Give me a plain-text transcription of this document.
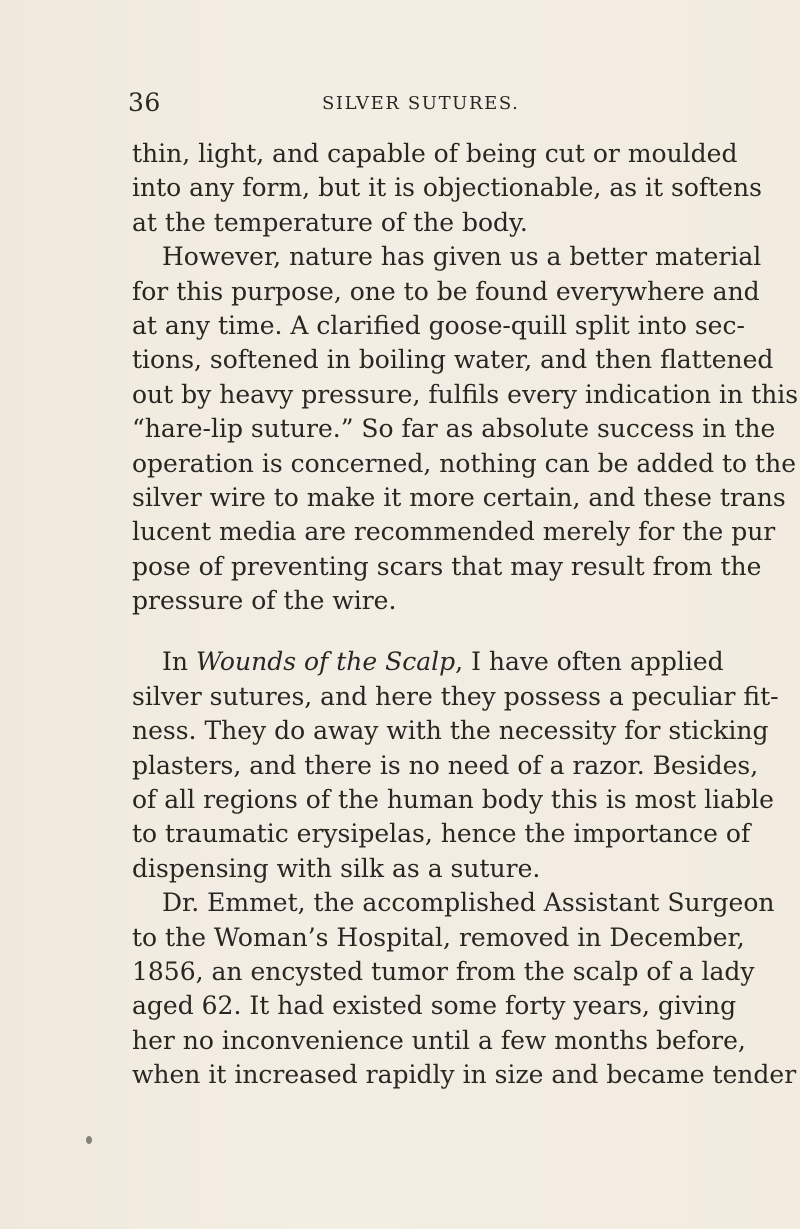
36	SILVER SUTURES.
thin, light, and capable of being cut or moulded
into any form, but it is objectionable, as it softens
at the temperature of the body.
However, nature has given us a better material
for this purpose, one to be found everywhere and
at any time. A clarified goose-quill split into sec-
tions, softened in boiling water, and then flattened
out by heavy pressure, fulfils every indication in this
“hare-lip suture.” So far as absolute success in the
operation is concerned, nothing can be added to the
silver wire to make it more certain, and these trans
lucent media are recommended merely for the pur
pose of preventing scars that may result from the
pressure of the wire.
In Wounds of the Scalp, I have often applied
silver sutures, and here they possess a peculiar fit-
ness. They do away with the necessity for sticking
plasters, and there is no need of a razor. Besides,
of all regions of the human body this is most liable
to traumatic erysipelas, hence the importance of
dispensing with silk as a suture.
Dr. Emmet, the accomplished Assistant Surgeon
to the Woman’s Hospital, removed in December,
1856, an encysted tumor from the scalp of a lady
aged 62. It had existed some forty years, giving
her no inconvenience until a few months before,
when it increased rapidly in size and became tender
